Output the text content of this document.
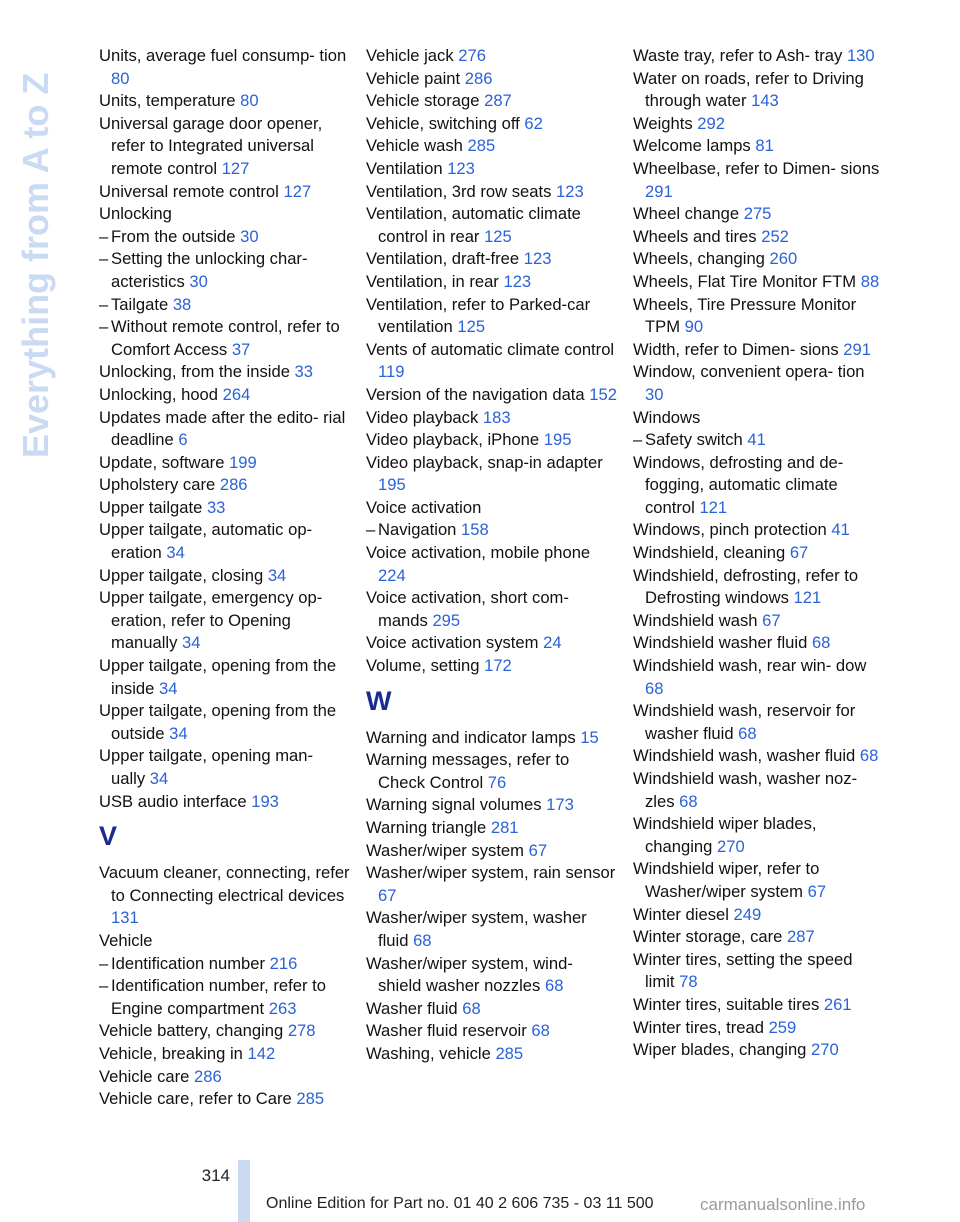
Everything from A to Z
Units, average fuel consump- tion 80
Units, temperature 80
Universal garage door opener, refer to Integrated universal remote control 127
Universal remote control 127
Unlocking
– From the outside 30
– Setting the unlocking char- acteristics 30
– Tailgate 38
– Without remote control, refer to Comfort Access 37
Unlocking, from the inside 33
Unlocking, hood 264
Updates made after the edito- rial deadline 6
Update, software 199
Upholstery care 286
Upper tailgate 33
Upper tailgate, automatic op- eration 34
Upper tailgate, closing 34
Upper tailgate, emergency op- eration, refer to Opening manually 34
Upper tailgate, opening from the inside 34
Upper tailgate, opening from the outside 34
Upper tailgate, opening man- ually 34
USB audio interface 193
V
Vacuum cleaner, connecting, refer to Connecting electrical devices 131
Vehicle
– Identification number 216
– Identification number, refer to Engine compartment 263
Vehicle battery, changing 278
Vehicle, breaking in 142
Vehicle care 286
Vehicle care, refer to Care 285
Vehicle jack 276
Vehicle paint 286
Vehicle storage 287
Vehicle, switching off 62
Vehicle wash 285
Ventilation 123
Ventilation, 3rd row seats 123
Ventilation, automatic climate control in rear 125
Ventilation, draft-free 123
Ventilation, in rear 123
Ventilation, refer to Parked-car ventilation 125
Vents of automatic climate control 119
Version of the navigation data 152
Video playback 183
Video playback, iPhone 195
Video playback, snap-in adapter 195
Voice activation
– Navigation 158
Voice activation, mobile phone 224
Voice activation, short com- mands 295
Voice activation system 24
Volume, setting 172
W
Warning and indicator lamps 15
Warning messages, refer to Check Control 76
Warning signal volumes 173
Warning triangle 281
Washer/wiper system 67
Washer/wiper system, rain sensor 67
Washer/wiper system, washer fluid 68
Washer/wiper system, wind- shield washer nozzles 68
Washer fluid 68
Washer fluid reservoir 68
Washing, vehicle 285
Waste tray, refer to Ash- tray 130
Water on roads, refer to Driving through water 143
Weights 292
Welcome lamps 81
Wheelbase, refer to Dimen- sions 291
Wheel change 275
Wheels and tires 252
Wheels, changing 260
Wheels, Flat Tire Monitor FTM 88
Wheels, Tire Pressure Monitor TPM 90
Width, refer to Dimen- sions 291
Window, convenient opera- tion 30
Windows
– Safety switch 41
Windows, defrosting and de- fogging, automatic climate control 121
Windows, pinch protection 41
Windshield, cleaning 67
Windshield, defrosting, refer to Defrosting windows 121
Windshield wash 67
Windshield washer fluid 68
Windshield wash, rear win- dow 68
Windshield wash, reservoir for washer fluid 68
Windshield wash, washer fluid 68
Windshield wash, washer noz- zles 68
Windshield wiper blades, changing 270
Windshield wiper, refer to Washer/wiper system 67
Winter diesel 249
Winter storage, care 287
Winter tires, setting the speed limit 78
Winter tires, suitable tires 261
Winter tires, tread 259
Wiper blades, changing 270
314
Online Edition for Part no. 01 40 2 606 735 - 03 11 500	carmanualsonline.info
